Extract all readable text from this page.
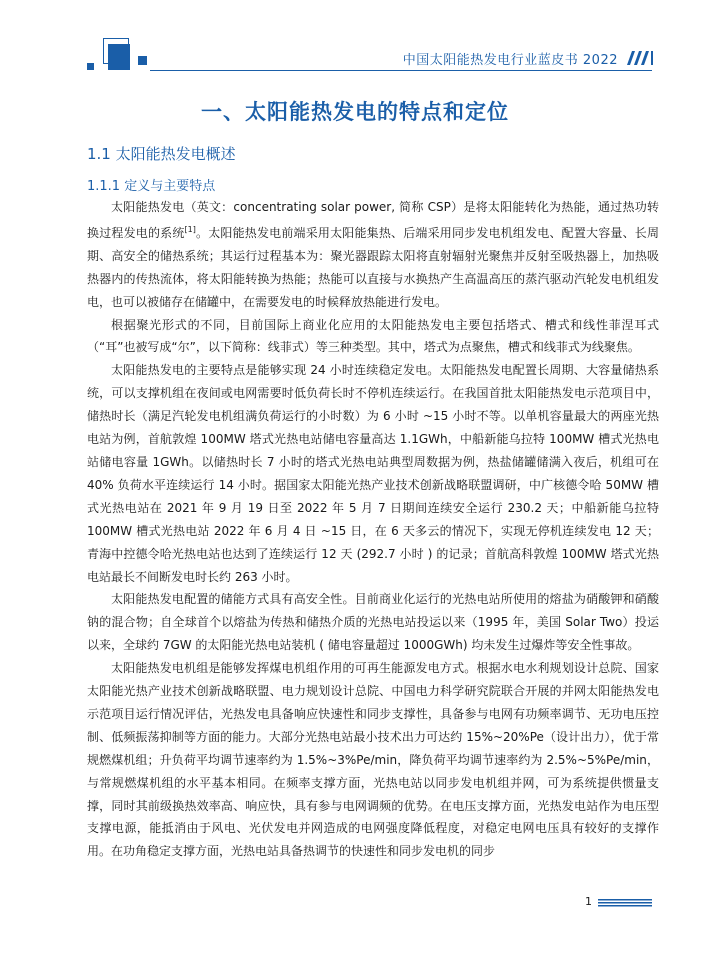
中国太阳能热发电行业蓝皮书 2022
一、太阳能热发电的特点和定位
1.1 太阳能热发电概述
1.1.1 定义与主要特点

太阳能热发电（英文：concentrating solar power, 简称 CSP）是将太阳能转化为热能，通过热功转换过程发电的系统[1]。太阳能热发电前端采用太阳能集热、后端采用同步发电机组发电、配置大容量、长周期、高安全的储热系统；其运行过程基本为：聚光器跟踪太阳将直射辐射光聚焦并反射至吸热器上，加热吸热器内的传热流体，将太阳能转换为热能；热能可以直接与水换热产生高温高压的蒸汽驱动汽轮发电机组发电，也可以被储存在储罐中，在需要发电的时候释放热能进行发电。

根据聚光形式的不同，目前国际上商业化应用的太阳能热发电主要包括塔式、槽式和线性菲涅耳式（“耳”也被写成“尔”，以下简称：线菲式）等三种类型。其中，塔式为点聚焦，槽式和线菲式为线聚焦。

太阳能热发电的主要特点是能够实现 24 小时连续稳定发电。太阳能热发电配置长周期、大容量储热系统，可以支撑机组在夜间或电网需要时低负荷长时不停机连续运行。在我国首批太阳能热发电示范项目中，储热时长（满足汽轮发电机组满负荷运行的小时数）为 6 小时 ~15 小时不等。以单机容量最大的两座光热电站为例，首航敦煌 100MW 塔式光热电站储电容量高达 1.1GWh，中船新能乌拉特 100MW 槽式光热电站储电容量 1GWh。以储热时长 7 小时的塔式光热电站典型周数据为例，热盐储罐储满入夜后，机组可在 40% 负荷水平连续运行 14 小时。据国家太阳能光热产业技术创新战略联盟调研，中广核德令哈 50MW 槽式光热电站在 2021 年 9 月 19 日至 2022 年 5 月 7 日期间连续安全运行 230.2 天；中船新能乌拉特 100MW 槽式光热电站 2022 年 6 月 4 日 ~15 日，在 6 天多云的情况下，实现无停机连续发电 12 天；青海中控德令哈光热电站也达到了连续运行 12 天 (292.7 小时 ) 的记录；首航高科敦煌 100MW 塔式光热电站最长不间断发电时长约 263 小时。

太阳能热发电配置的储能方式具有高安全性。目前商业化运行的光热电站所使用的熔盐为硝酸钾和硝酸钠的混合物；自全球首个以熔盐为传热和储热介质的光热电站投运以来（1995 年，美国 Solar Two）投运以来，全球约 7GW 的太阳能光热电站装机 ( 储电容量超过 1000GWh) 均未发生过爆炸等安全性事故。

太阳能热发电机组是能够发挥煤电机组作用的可再生能源发电方式。根据水电水利规划设计总院、国家太阳能光热产业技术创新战略联盟、电力规划设计总院、中国电力科学研究院联合开展的并网太阳能热发电示范项目运行情况评估，光热发电具备响应快速性和同步支撑性，具备参与电网有功频率调节、无功电压控制、低频振荡抑制等方面的能力。大部分光热电站最小技术出力可达约 15%~20%Pe（设计出力），优于常规燃煤机组；升负荷平均调节速率约为 1.5%~3%Pe/min，降负荷平均调节速率约为 2.5%~5%Pe/min，与常规燃煤机组的水平基本相同。在频率支撑方面，光热电站以同步发电机组并网，可为系统提供惯量支撑，同时其前级换热效率高、响应快，具有参与电网调频的优势。在电压支撑方面，光热发电站作为电压型支撑电源，能抵消由于风电、光伏发电并网造成的电网强度降低程度，对稳定电网电压具有较好的支撑作用。在功角稳定支撑方面，光热电站具备热调节的快速性和同步发电机的同步

1
